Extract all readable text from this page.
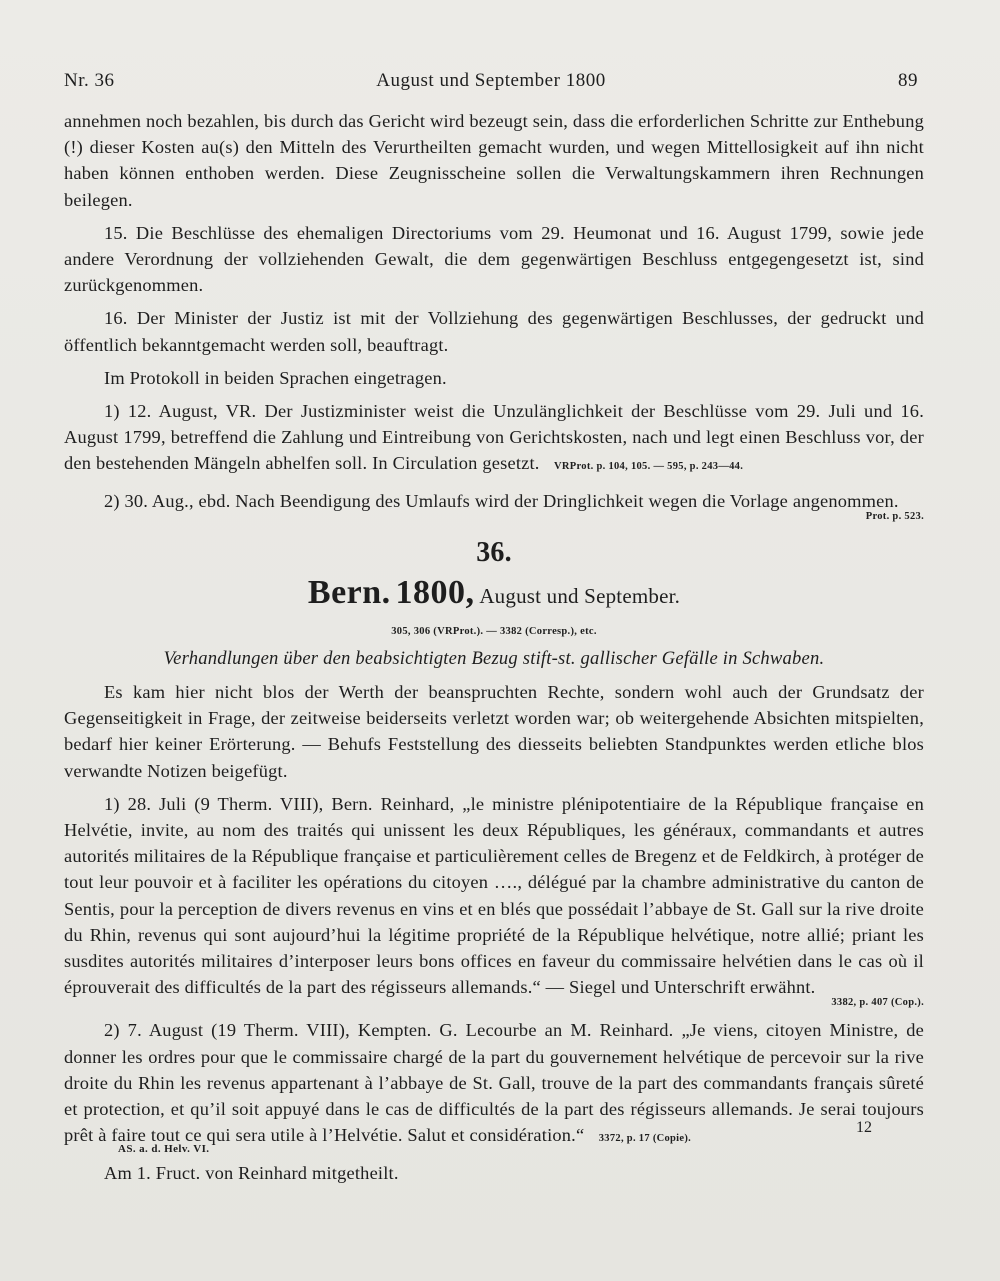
Nr. 36	August und September 1800	89

annehmen noch bezahlen, bis durch das Gericht wird bezeugt sein, dass die erforderlichen Schritte zur Enthebung (!) dieser Kosten au(s) den Mitteln des Verurtheilten gemacht wurden, und wegen Mittellosigkeit auf ihn nicht haben können enthoben werden. Diese Zeugnisscheine sollen die Verwaltungskammern ihren Rechnungen beilegen.

15. Die Beschlüsse des ehemaligen Directoriums vom 29. Heumonat und 16. August 1799, sowie jede andere Verordnung der vollziehenden Gewalt, die dem gegenwärtigen Beschluss entgegengesetzt ist, sind zurückgenommen.

16. Der Minister der Justiz ist mit der Vollziehung des gegenwärtigen Beschlusses, der gedruckt und öffentlich bekanntgemacht werden soll, beauftragt.

Im Protokoll in beiden Sprachen eingetragen.

1) 12. August, VR. Der Justizminister weist die Unzulänglichkeit der Beschlüsse vom 29. Juli und 16. August 1799, betreffend die Zahlung und Eintreibung von Gerichtskosten, nach und legt einen Beschluss vor, der den bestehenden Mängeln abhelfen soll. In Circulation gesetzt. VRProt. p. 104, 105. — 595, p. 243—44.

2) 30. Aug., ebd. Nach Beendigung des Umlaufs wird der Dringlichkeit wegen die Vorlage angenommen.
Prot. p. 523.

36.

Bern. 1800, August und September.

305, 306 (VRProt.). — 3382 (Corresp.), etc.

Verhandlungen über den beabsichtigten Bezug stift-st. gallischer Gefälle in Schwaben.

Es kam hier nicht blos der Werth der beanspruchten Rechte, sondern wohl auch der Grundsatz der Gegenseitigkeit in Frage, der zeitweise beiderseits verletzt worden war; ob weitergehende Absichten mitspielten, bedarf hier keiner Erörterung. — Behufs Feststellung des diesseits beliebten Standpunktes werden etliche blos verwandte Notizen beigefügt.

1) 28. Juli (9 Therm. VIII), Bern. Reinhard, „le ministre plénipotentiaire de la République française en Helvétie, invite, au nom des traités qui unissent les deux Républiques, les généraux, commandants et autres autorités militaires de la République française et particulièrement celles de Bregenz et de Feldkirch, à protéger de tout leur pouvoir et à faciliter les opérations du citoyen …., délégué par la chambre administrative du canton de Sentis, pour la perception de divers revenus en vins et en blés que possédait l’abbaye de St. Gall sur la rive droite du Rhin, revenus qui sont aujourd’hui la légitime propriété de la République helvétique, notre allié; priant les susdites autorités militaires d’interposer leurs bons offices en faveur du commissaire helvétien dans le cas où il éprouverait des difficultés de la part des régisseurs allemands.“ — Siegel und Unterschrift erwähnt.
3382, p. 407 (Cop.).

2) 7. August (19 Therm. VIII), Kempten. G. Lecourbe an M. Reinhard. „Je viens, citoyen Ministre, de donner les ordres pour que le commissaire chargé de la part du gouvernement helvétique de percevoir sur la rive droite du Rhin les revenus appartenant à l’abbaye de St. Gall, trouve de la part des commandants français sûreté et protection, et qu’il soit appuyé dans le cas de difficultés de la part des régisseurs allemands. Je serai toujours prêt à faire tout ce qui sera utile à l’Helvétie. Salut et considération.“ 3372, p. 17 (Copie).

Am 1. Fruct. von Reinhard mitgetheilt.

12
AS. a. d. Helv. VI.
